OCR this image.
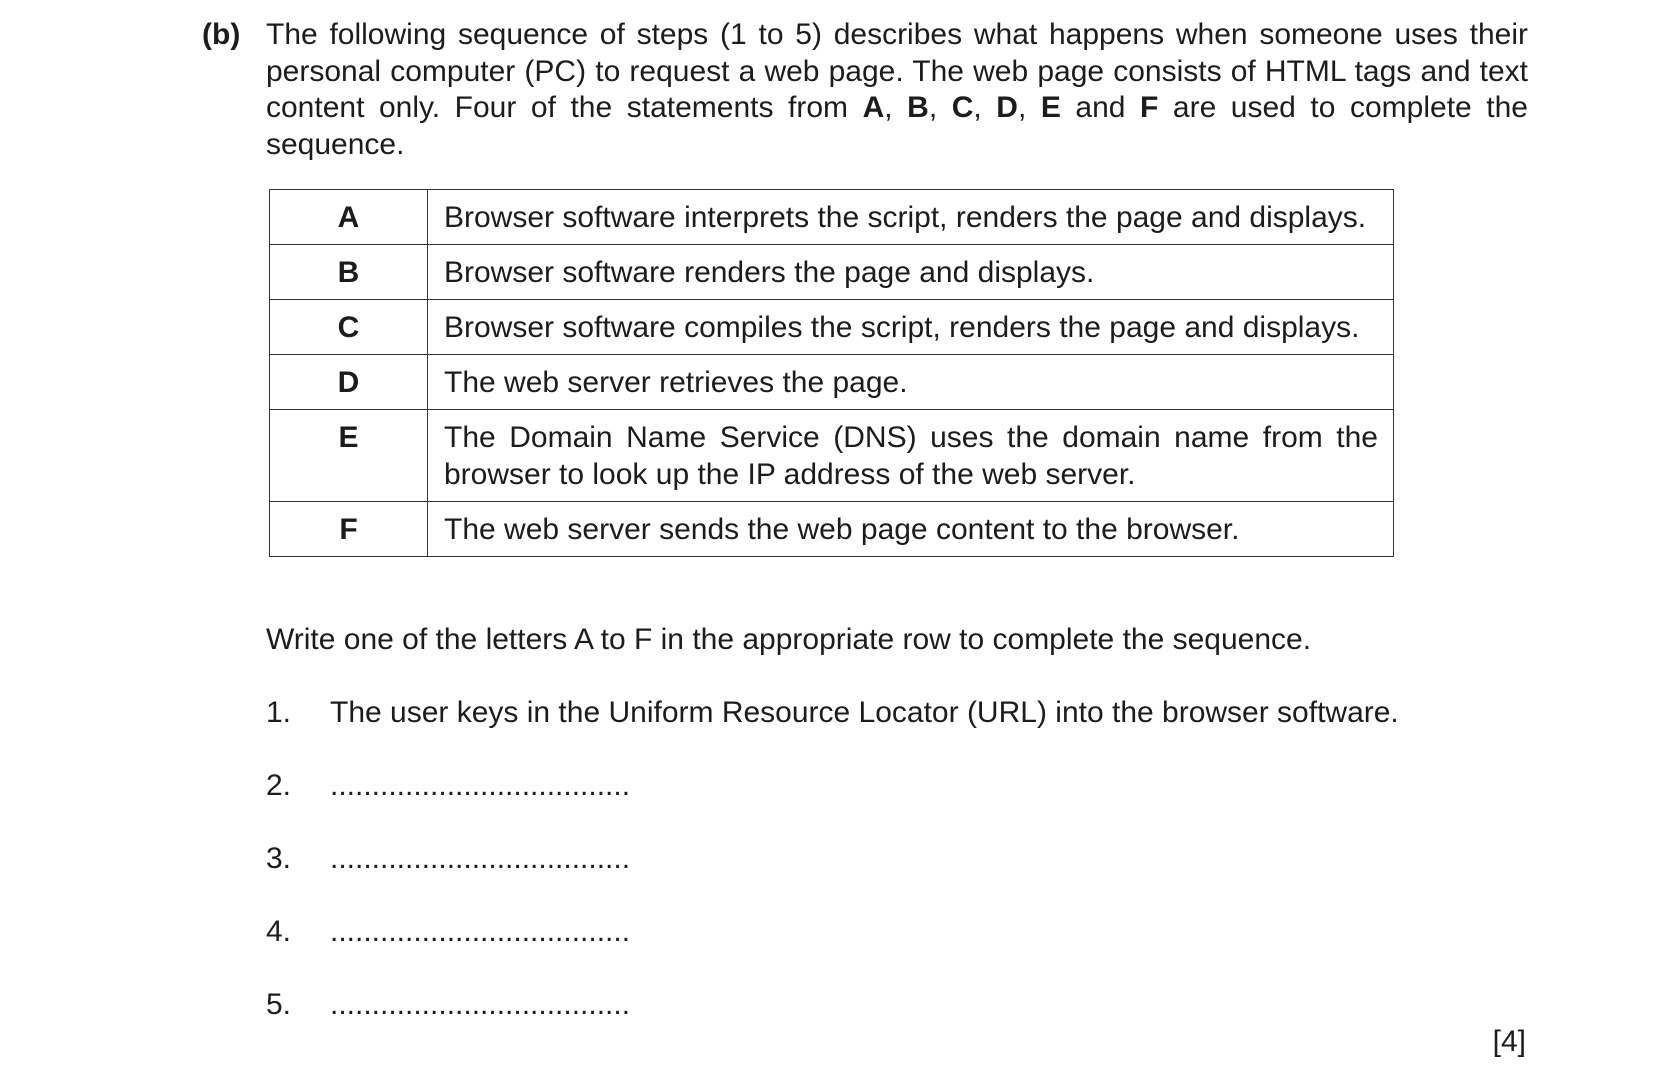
(b) The following sequence of steps (1 to 5) describes what happens when someone uses their personal computer (PC) to request a web page. The web page consists of HTML tags and text content only. Four of the statements from A, B, C, D, E and F are used to complete the sequence.
A	Browser software interprets the script, renders the page and displays.
B	Browser software renders the page and displays.
C	Browser software compiles the script, renders the page and displays.
D	The web server retrieves the page.
E	The Domain Name Service (DNS) uses the domain name from the browser to look up the IP address of the web server.
F	The web server sends the web page content to the browser.
Write one of the letters A to F in the appropriate row to complete the sequence.
1. The user keys in the Uniform Resource Locator (URL) into the browser software.
2. ....................................
3. ....................................
4. ....................................
5. ....................................
[4]
